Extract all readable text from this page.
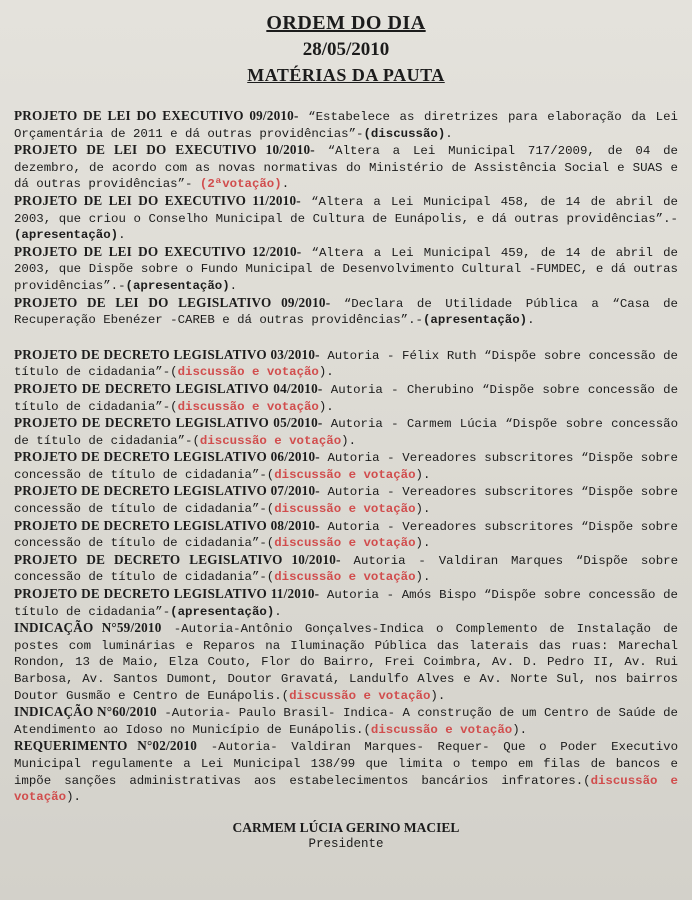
ORDEM DO DIA
28/05/2010
MATÉRIAS DA PAUTA

PROJETO DE LEI DO EXECUTIVO 09/2010- “Estabelece as diretrizes para elaboração da Lei Orçamentária de 2011 e dá outras providências”-(discussão).

PROJETO DE LEI DO EXECUTIVO 10/2010- “Altera a Lei Municipal 717/2009, de 04 de dezembro, de acordo com as novas normativas do Ministério de Assistência Social e SUAS e dá outras providências”- (2ªvotação).

PROJETO DE LEI DO EXECUTIVO 11/2010- “Altera a Lei Municipal 458, de 14 de abril de 2003, que criou o Conselho Municipal de Cultura de Eunápolis, e dá outras providências”.- (apresentação).

PROJETO DE LEI DO EXECUTIVO 12/2010- “Altera a Lei Municipal 459, de 14 de abril de 2003, que Dispõe sobre o Fundo Municipal de Desenvolvimento Cultural -FUMDEC, e dá outras providências”.-(apresentação).

PROJETO DE LEI DO LEGISLATIVO 09/2010- “Declara de Utilidade Pública a “Casa de Recuperação Ebenézer -CAREB e dá outras providências”.-(apresentação).

PROJETO DE DECRETO LEGISLATIVO 03/2010- Autoria - Félix Ruth “Dispõe sobre concessão de título de cidadania”-(discussão e votação).

PROJETO DE DECRETO LEGISLATIVO 04/2010- Autoria - Cherubino “Dispõe sobre concessão de título de cidadania”-(discussão e votação).

PROJETO DE DECRETO LEGISLATIVO 05/2010- Autoria - Carmem Lúcia “Dispõe sobre concessão de título de cidadania”-(discussão e votação).

PROJETO DE DECRETO LEGISLATIVO 06/2010- Autoria - Vereadores subscritores “Dispõe sobre concessão de título de cidadania”-(discussão e votação).

PROJETO DE DECRETO LEGISLATIVO 07/2010- Autoria - Vereadores subscritores “Dispõe sobre concessão de título de cidadania”-(discussão e votação).

PROJETO DE DECRETO LEGISLATIVO 08/2010- Autoria - Vereadores subscritores “Dispõe sobre concessão de título de cidadania”-(discussão e votação).

PROJETO DE DECRETO LEGISLATIVO 10/2010- Autoria - Valdiran Marques “Dispõe sobre concessão de título de cidadania”-(discussão e votação).

PROJETO DE DECRETO LEGISLATIVO 11/2010- Autoria - Amós Bispo “Dispõe sobre concessão de título de cidadania”-(apresentação).

INDICAÇÃO N°59/2010 -Autoria-Antônio Gonçalves-Indica o Complemento de Instalação de postes com luminárias e Reparos na Iluminação Pública das laterais das ruas: Marechal Rondon, 13 de Maio, Elza Couto, Flor do Bairro, Frei Coimbra, Av. D. Pedro II, Av. Rui Barbosa, Av. Santos Dumont, Doutor Gravatá, Landulfo Alves e Av. Norte Sul, nos bairros Doutor Gusmão e Centro de Eunápolis.(discussão e votação).

INDICAÇÃO N°60/2010 -Autoria- Paulo Brasil- Indica- A construção de um Centro de Saúde de Atendimento ao Idoso no Município de Eunápolis.(discussão e votação).

REQUERIMENTO N°02/2010 -Autoria- Valdiran Marques- Requer- Que o Poder Executivo Municipal regulamente a Lei Municipal 138/99 que limita o tempo em filas de bancos e impõe sanções administrativas aos estabelecimentos bancários infratores.(discussão e votação).

CARMEM LÚCIA GERINO MACIEL
Presidente
